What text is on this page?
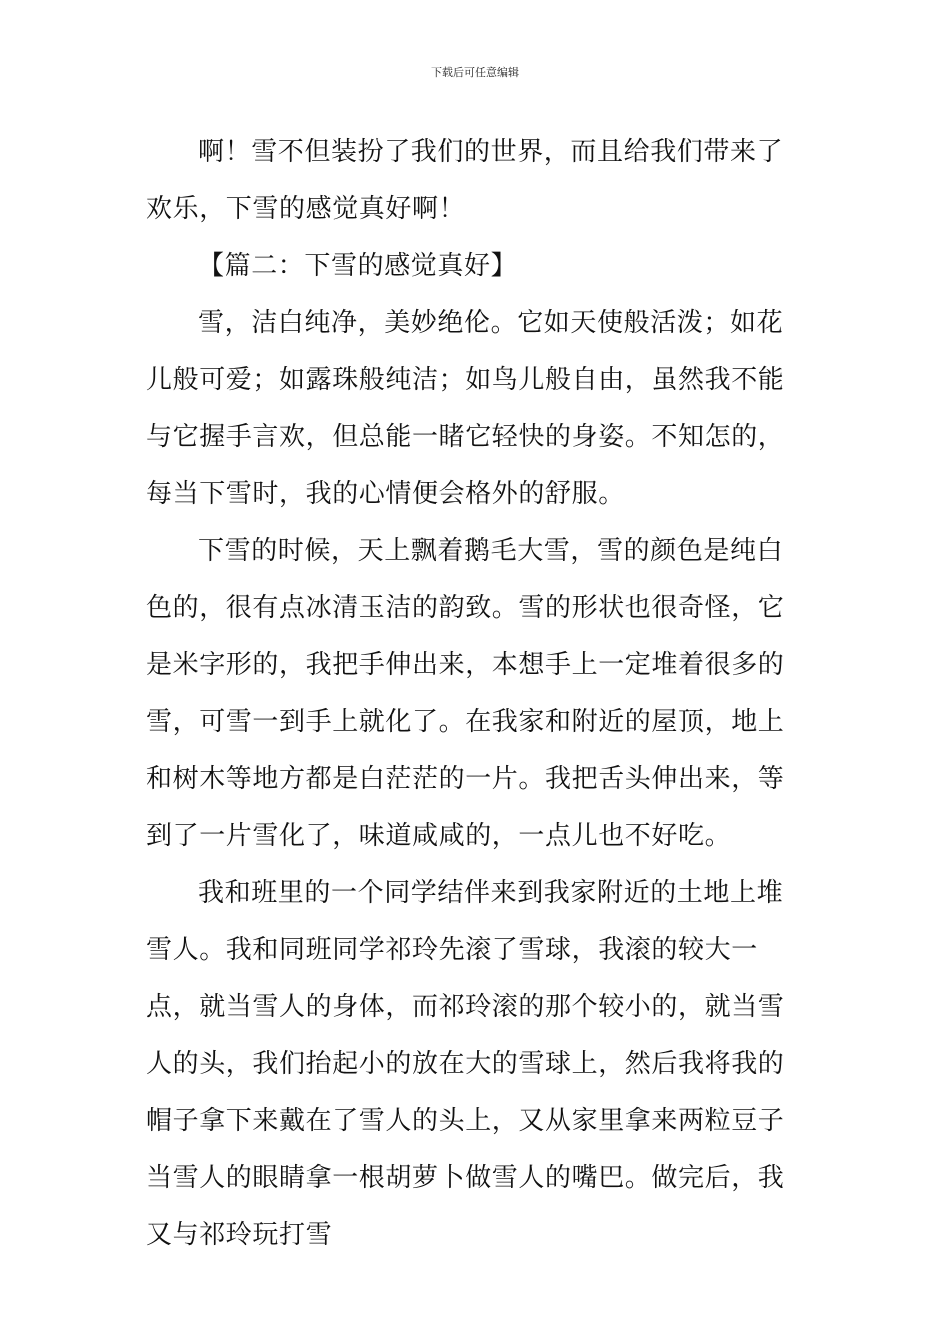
下载后可任意编辑

啊！雪不但装扮了我们的世界，而且给我们带来了欢乐，下雪的感觉真好啊！

【篇二：下雪的感觉真好】

雪，洁白纯净，美妙绝伦。它如天使般活泼；如花儿般可爱；如露珠般纯洁；如鸟儿般自由，虽然我不能与它握手言欢，但总能一睹它轻快的身姿。不知怎的，每当下雪时，我的心情便会格外的舒服。

下雪的时候，天上飘着鹅毛大雪，雪的颜色是纯白色的，很有点冰清玉洁的韵致。雪的形状也很奇怪，它是米字形的，我把手伸出来，本想手上一定堆着很多的雪，可雪一到手上就化了。在我家和附近的屋顶，地上和树木等地方都是白茫茫的一片。我把舌头伸出来，等到了一片雪化了，味道咸咸的，一点儿也不好吃。

我和班里的一个同学结伴来到我家附近的土地上堆雪人。我和同班同学祁玲先滚了雪球，我滚的较大一点，就当雪人的身体，而祁玲滚的那个较小的，就当雪人的头，我们抬起小的放在大的雪球上，然后我将我的帽子拿下来戴在了雪人的头上，又从家里拿来两粒豆子当雪人的眼睛拿一根胡萝卜做雪人的嘴巴。做完后，我又与祁玲玩打雪
